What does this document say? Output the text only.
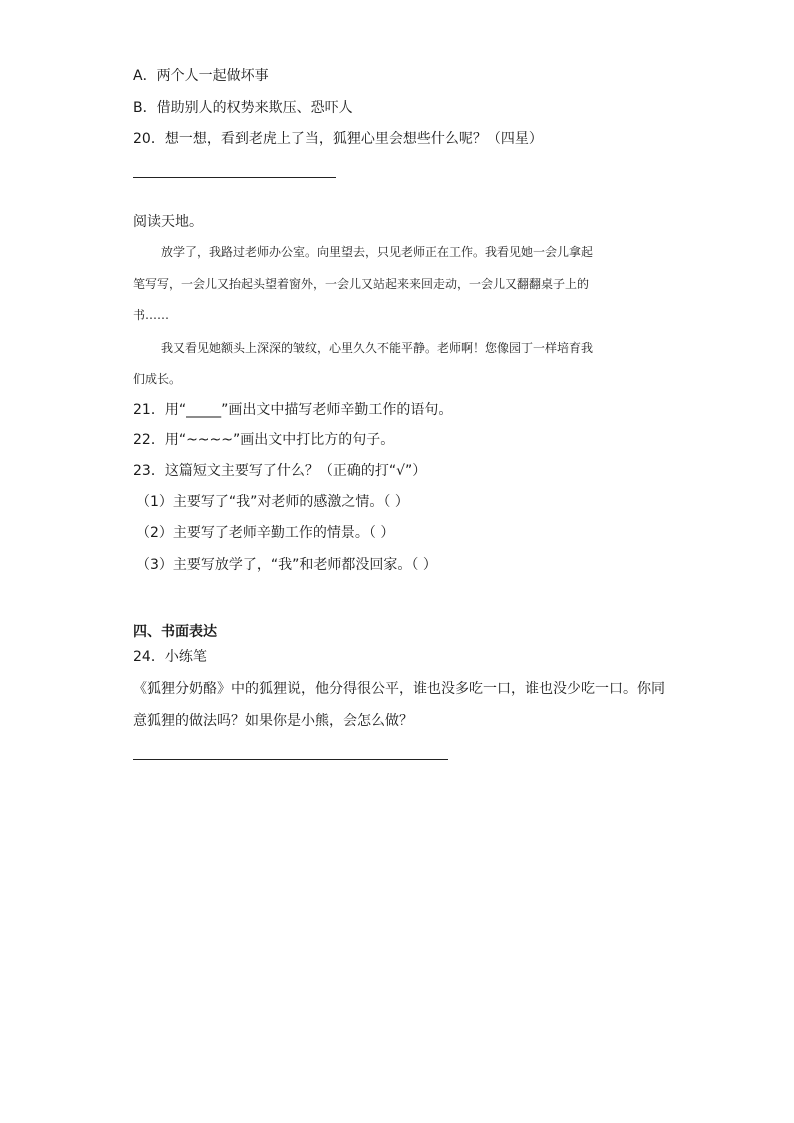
A．两个人一起做坏事
B．借助别人的权势来欺压、恐吓人
20．想一想，看到老虎上了当，狐狸心里会想些什么呢？（四星）
阅读天地。
放学了，我路过老师办公室。向里望去，只见老师正在工作。我看见她一会儿拿起
笔写写，一会儿又抬起头望着窗外，一会儿又站起来来回走动，一会儿又翻翻桌子上的
书……
我又看见她额头上深深的皱纹，心里久久不能平静。老师啊！您像园丁一样培育我
们成长。
21．用“_____”画出文中描写老师辛勤工作的语句。
22．用“~~~~”画出文中打比方的句子。
23．这篇短文主要写了什么？（正确的打“√”）
（1）主要写了“我”对老师的感激之情。（ ）
（2）主要写了老师辛勤工作的情景。（ ）
（3）主要写放学了，“我”和老师都没回家。（ ）
四、书面表达
24．小练笔
《狐狸分奶酪》中的狐狸说，他分得很公平，谁也没多吃一口，谁也没少吃一口。你同
意狐狸的做法吗？如果你是小熊，会怎么做？
